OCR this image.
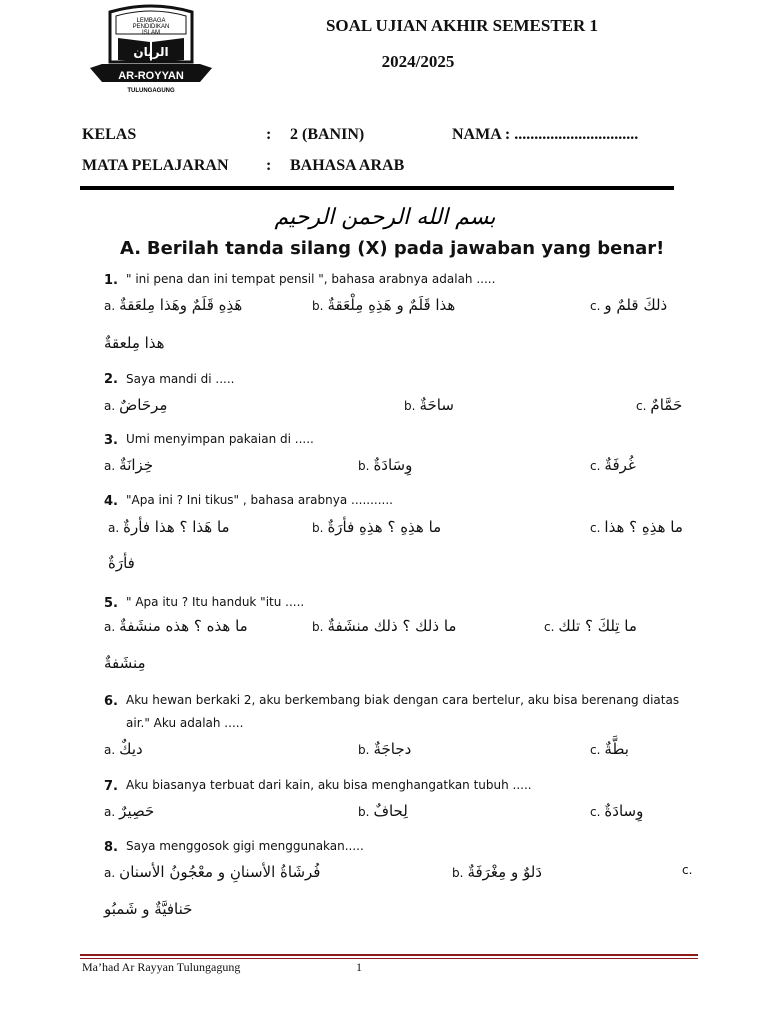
LEMBAGA
PENDIDIKAN
ISLAM
الريان
AR-ROYYAN
TULUNGAGUNG
SOAL UJIAN AKHIR SEMESTER 1
2024/2025
KELAS	: 2 (BANIN)	NAMA : ...............................
MATA PELAJARAN : BAHASA ARAB
بسم الله الرحمن الرحيم
A. Berilah tanda silang (X) pada jawaban yang benar!
1. " ini pena dan ini tempat pensil ", bahasa arabnya adalah .....
a. هَذِهِ قَلَمٌ وهَذا مِلعَقةٌ	b. هذا قَلَمٌ و هَذِهِ مِلْعَقةٌ	c. ذلكَ قلمٌ و
هذا مِلعقةٌ
2. Saya mandi di .....
a. مِرحَاضٌ	b. ساحَةٌ	c. حَمَّامٌ
3. Umi menyimpan pakaian di .....
a. خِزانَةٌ	b. وِسَادَةٌ	c. غُرفَةٌ
4. "Apa ini ? Ini tikus" , bahasa arabnya ...........
a. ما هَذا ؟ هذا فأرةٌ	b. ما هذِهِ ؟ هذِهِ فأرَةٌ	c. ما هذِهِ ؟ هذا
فأرَةٌ
5. " Apa itu ? Itu handuk "itu .....
a. ما هذه ؟ هذه منشَفةٌ	b. ما ذلك ؟ ذلك منشَفةٌ	c. ما تِلكَ ؟ تلك
مِنشَفةٌ
6. Aku hewan berkaki 2, aku berkembang biak dengan cara bertelur, aku bisa berenang diatas
air." Aku adalah .....
a. ديكٌ	b. دجاجَةٌ	c. بطَّةٌ
7. Aku biasanya terbuat dari kain, aku bisa menghangatkan tubuh .....
a. حَصِيرٌ	b. لِحافٌ	c. وِسادَةٌ
8. Saya menggosok gigi menggunakan.....
a. فُرشَاةُ الأسنانِ و معْجُونُ الأسنان	b. دَلوٌ و مِغْرَفَةٌ	c.
حَنافيَّةٌ و شَمبُو
Ma’had Ar Rayyan Tulungagung	1
